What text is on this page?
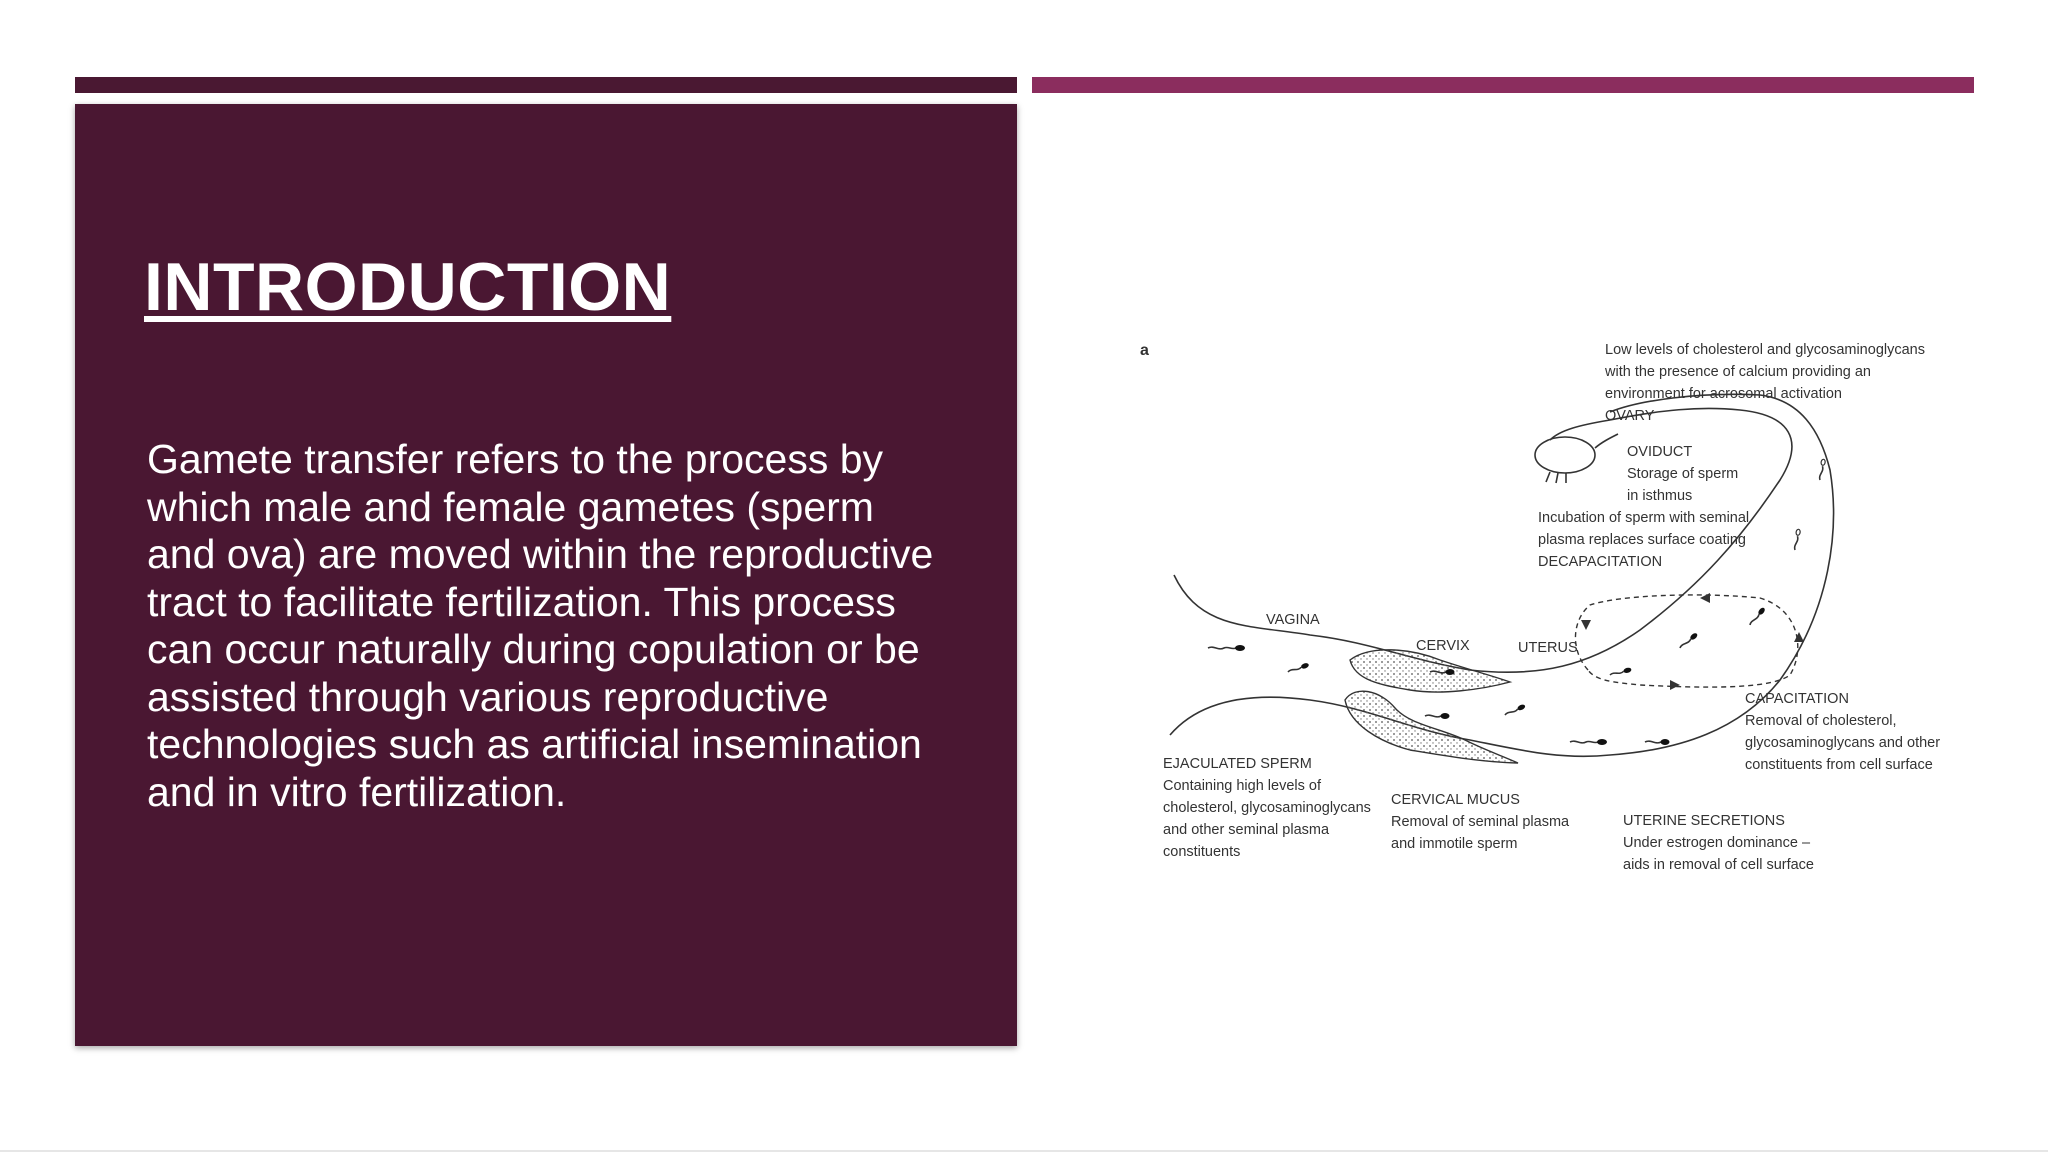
INTRODUCTION

Gamete transfer refers to the process by which male and female gametes (sperm and ova) are moved within the reproductive tract to facilitate fertilization. This process can occur naturally during copulation or be assisted through various reproductive technologies such as artificial insemination and in vitro fertilization.

a
OVARY
OVIDUCT
Storage of sperm
in isthmus
Incubation of sperm with seminal
plasma replaces surface coating
DECAPACITATION
Low levels of cholesterol and glycosaminoglycans
with the presence of calcium providing an
environment for acrosomal activation
VAGINA
CERVIX	UTERUS
CAPACITATION
Removal of cholesterol,
glycosaminoglycans and other
constituents from cell surface
EJACULATED SPERM
Containing high levels of
cholesterol, glycosaminoglycans
and other seminal plasma
constituents
CERVICAL MUCUS
Removal of seminal plasma
and immotile sperm
UTERINE SECRETIONS
Under estrogen dominance –
aids in removal of cell surface
